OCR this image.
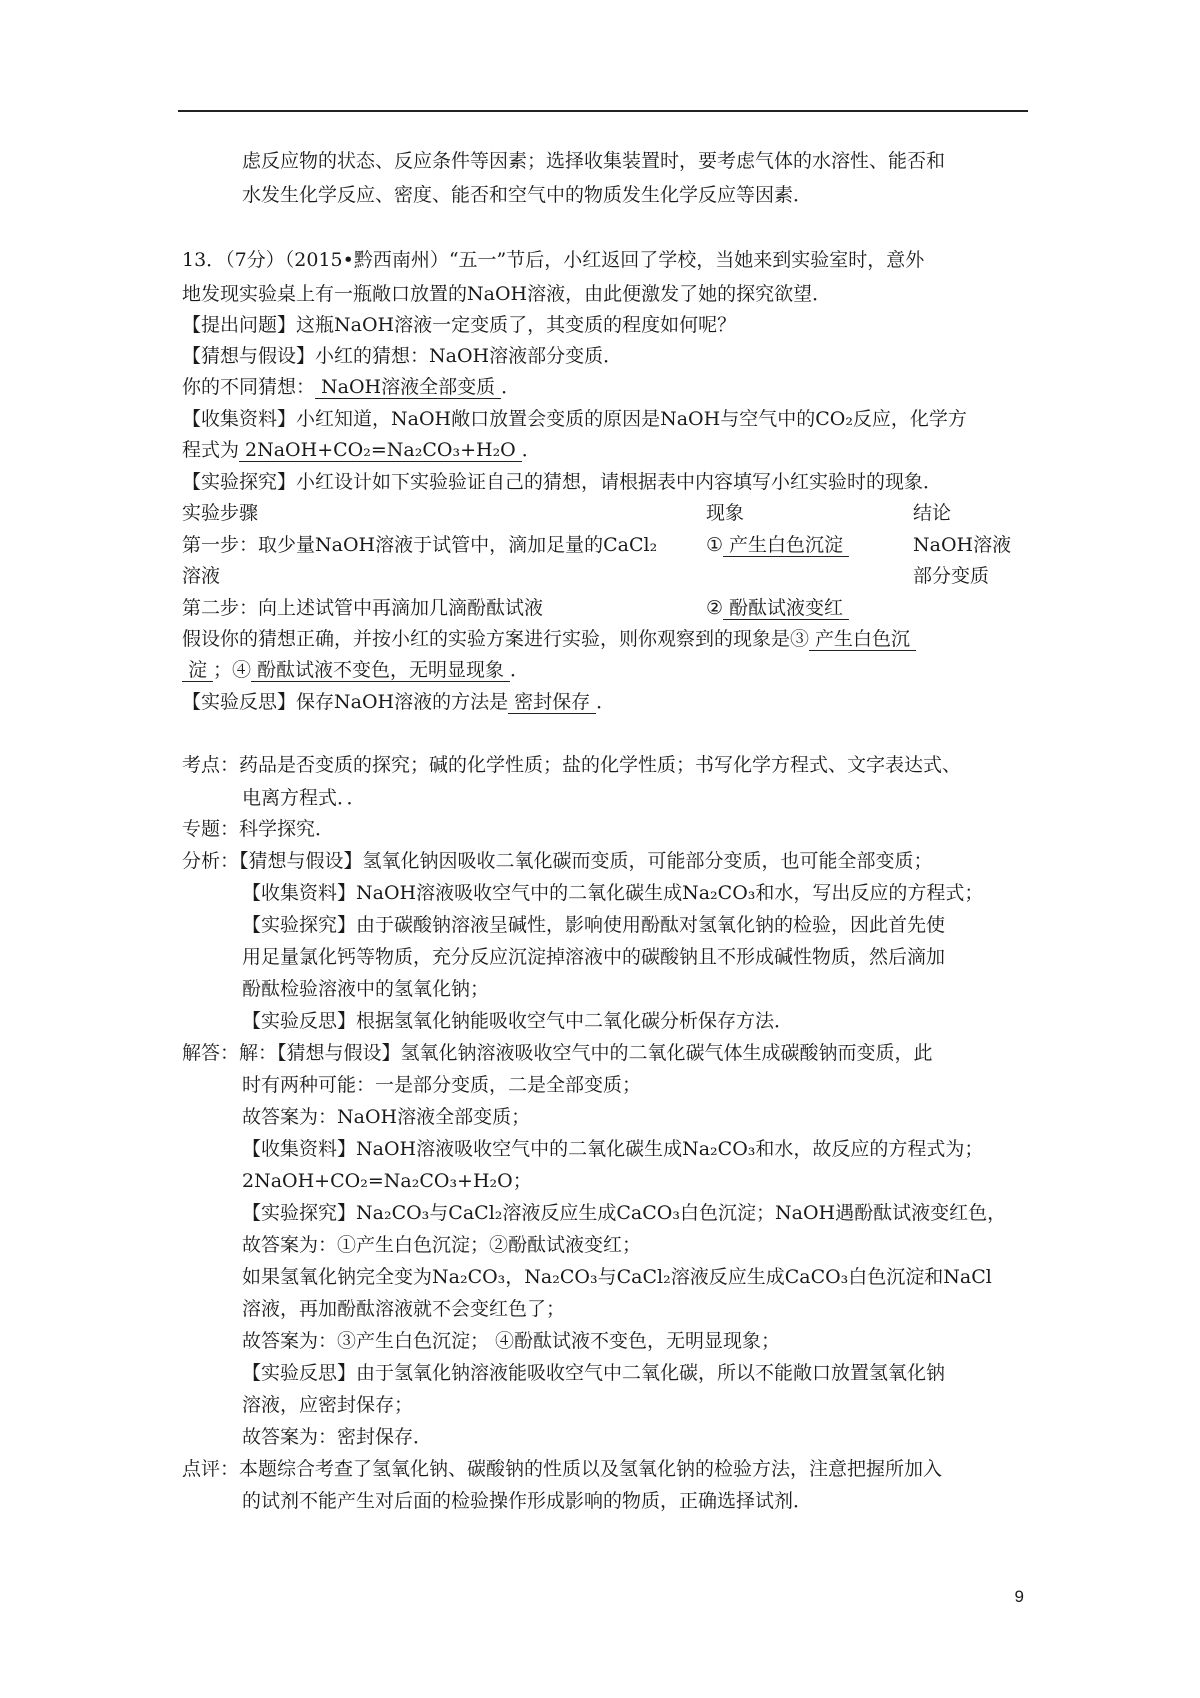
虑反应物的状态、反应条件等因素；选择收集装置时，要考虑气体的水溶性、能否和
水发生化学反应、密度、能否和空气中的物质发生化学反应等因素．
13．（7分）（2015•黔西南州）“五一”节后，小红返回了学校，当她来到实验室时，意外
地发现实验桌上有一瓶敞口放置的NaOH溶液，由此便激发了她的探究欲望．
【提出问题】这瓶NaOH溶液一定变质了，其变质的程度如何呢？
【猜想与假设】小红的猜想：NaOH溶液部分变质．
你的不同猜想： NaOH溶液全部变质 ．
【收集资料】小红知道，NaOH敞口放置会变质的原因是NaOH与空气中的CO₂反应，化学方
程式为 2NaOH+CO₂=Na₂CO₃+H₂O ．
【实验探究】小红设计如下实验验证自己的猜想，请根据表中内容填写小红实验时的现象．
实验步骤	现象	结论
第一步：取少量NaOH溶液于试管中，滴加足量的CaCl₂	① 产生白色沉淀	NaOH溶液
溶液	部分变质
第二步：向上述试管中再滴加几滴酚酞试液	② 酚酞试液变红
假设你的猜想正确，并按小红的实验方案进行实验，则你观察到的现象是③ 产生白色沉
淀 ；④ 酚酞试液不变色，无明显现象 ．
【实验反思】保存NaOH溶液的方法是 密封保存 ．
考点：药品是否变质的探究；碱的化学性质；盐的化学性质；书写化学方程式、文字表达式、
电离方程式．．
专题：科学探究．
分析：【猜想与假设】氢氧化钠因吸收二氧化碳而变质，可能部分变质，也可能全部变质；
【收集资料】NaOH溶液吸收空气中的二氧化碳生成Na₂CO₃和水，写出反应的方程式；
【实验探究】由于碳酸钠溶液呈碱性，影响使用酚酞对氢氧化钠的检验，因此首先使
用足量氯化钙等物质，充分反应沉淀掉溶液中的碳酸钠且不形成碱性物质，然后滴加
酚酞检验溶液中的氢氧化钠；
【实验反思】根据氢氧化钠能吸收空气中二氧化碳分析保存方法．
解答：解：【猜想与假设】氢氧化钠溶液吸收空气中的二氧化碳气体生成碳酸钠而变质，此
时有两种可能：一是部分变质，二是全部变质；
故答案为：NaOH溶液全部变质；
【收集资料】NaOH溶液吸收空气中的二氧化碳生成Na₂CO₃和水，故反应的方程式为；
2NaOH+CO₂=Na₂CO₃+H₂O；
【实验探究】Na₂CO₃与CaCl₂溶液反应生成CaCO₃白色沉淀；NaOH遇酚酞试液变红色，
故答案为：①产生白色沉淀；②酚酞试液变红；
如果氢氧化钠完全变为Na₂CO₃，Na₂CO₃与CaCl₂溶液反应生成CaCO₃白色沉淀和NaCl
溶液，再加酚酞溶液就不会变红色了；
故答案为：③产生白色沉淀； ④酚酞试液不变色，无明显现象；
【实验反思】由于氢氧化钠溶液能吸收空气中二氧化碳，所以不能敞口放置氢氧化钠
溶液，应密封保存；
故答案为：密封保存．
点评：本题综合考查了氢氧化钠、碳酸钠的性质以及氢氧化钠的检验方法，注意把握所加入
的试剂不能产生对后面的检验操作形成影响的物质，正确选择试剂．
9
